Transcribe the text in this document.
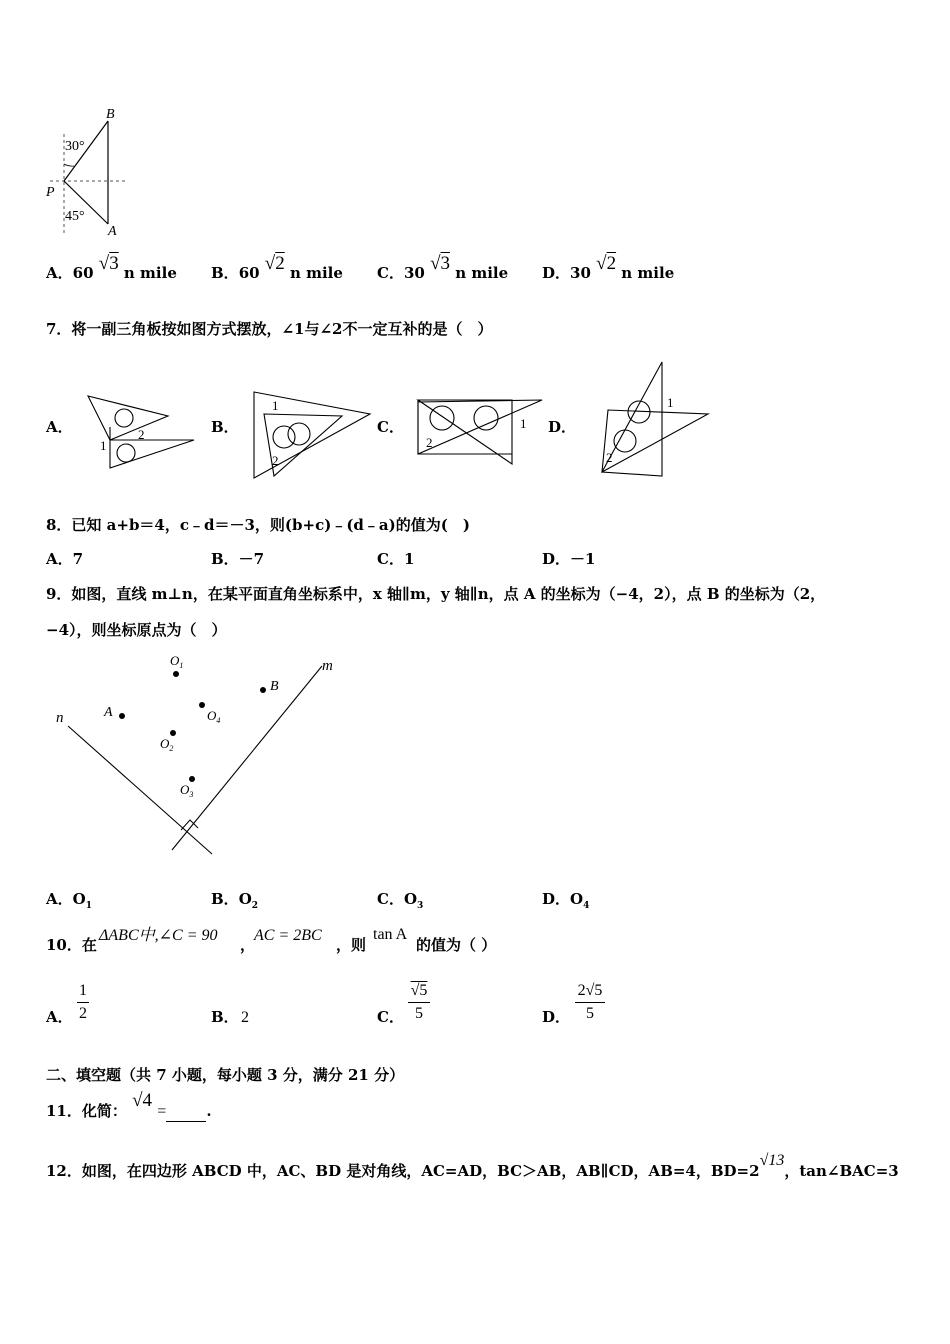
B
A
P
30°
45°
A．60 √3 n mile B．60 √2 n mile C．30 √3 n mile D．30 √2 n mile
7．将一副三角板按如图方式摆放，∠1与∠2不一定互补的是（　）
A．
1
2	B．
1
2
C．	1
2
D．
1
2
8．已知 a+b＝4，c﹣d＝－3，则(b+c)﹣(d﹣a)的值为(　)
A．7	B．－7	C．1	D．－1
9．如图，直线 m⊥n，在某平面直角坐标系中，x 轴∥m，y 轴∥n，点 A 的坐标为（−4，2），点 B 的坐标为（2，
−4），则坐标原点为（　）
m
n	A
B
$O_1$
$O_2$
$O_3$
$O_4$
A．$O_1$	B．$O_2$	C．$O_3$	D．$O_4$
10．在
ΔABC中,∠C = 90
，
AC = 2BC
，则
tan A
的值为（ ）
A．
1
2	B． 2	C．
√5
5	D．
2√5
5
二、填空题（共 7 小题，每小题 3 分，满分 21 分）
11．化简： √4 =	.
12．如图，在四边形 ABCD 中，AC、BD 是对角线，AC=AD，BC＞AB，AB∥CD，AB=4，BD=2√13，tan∠BAC=3
